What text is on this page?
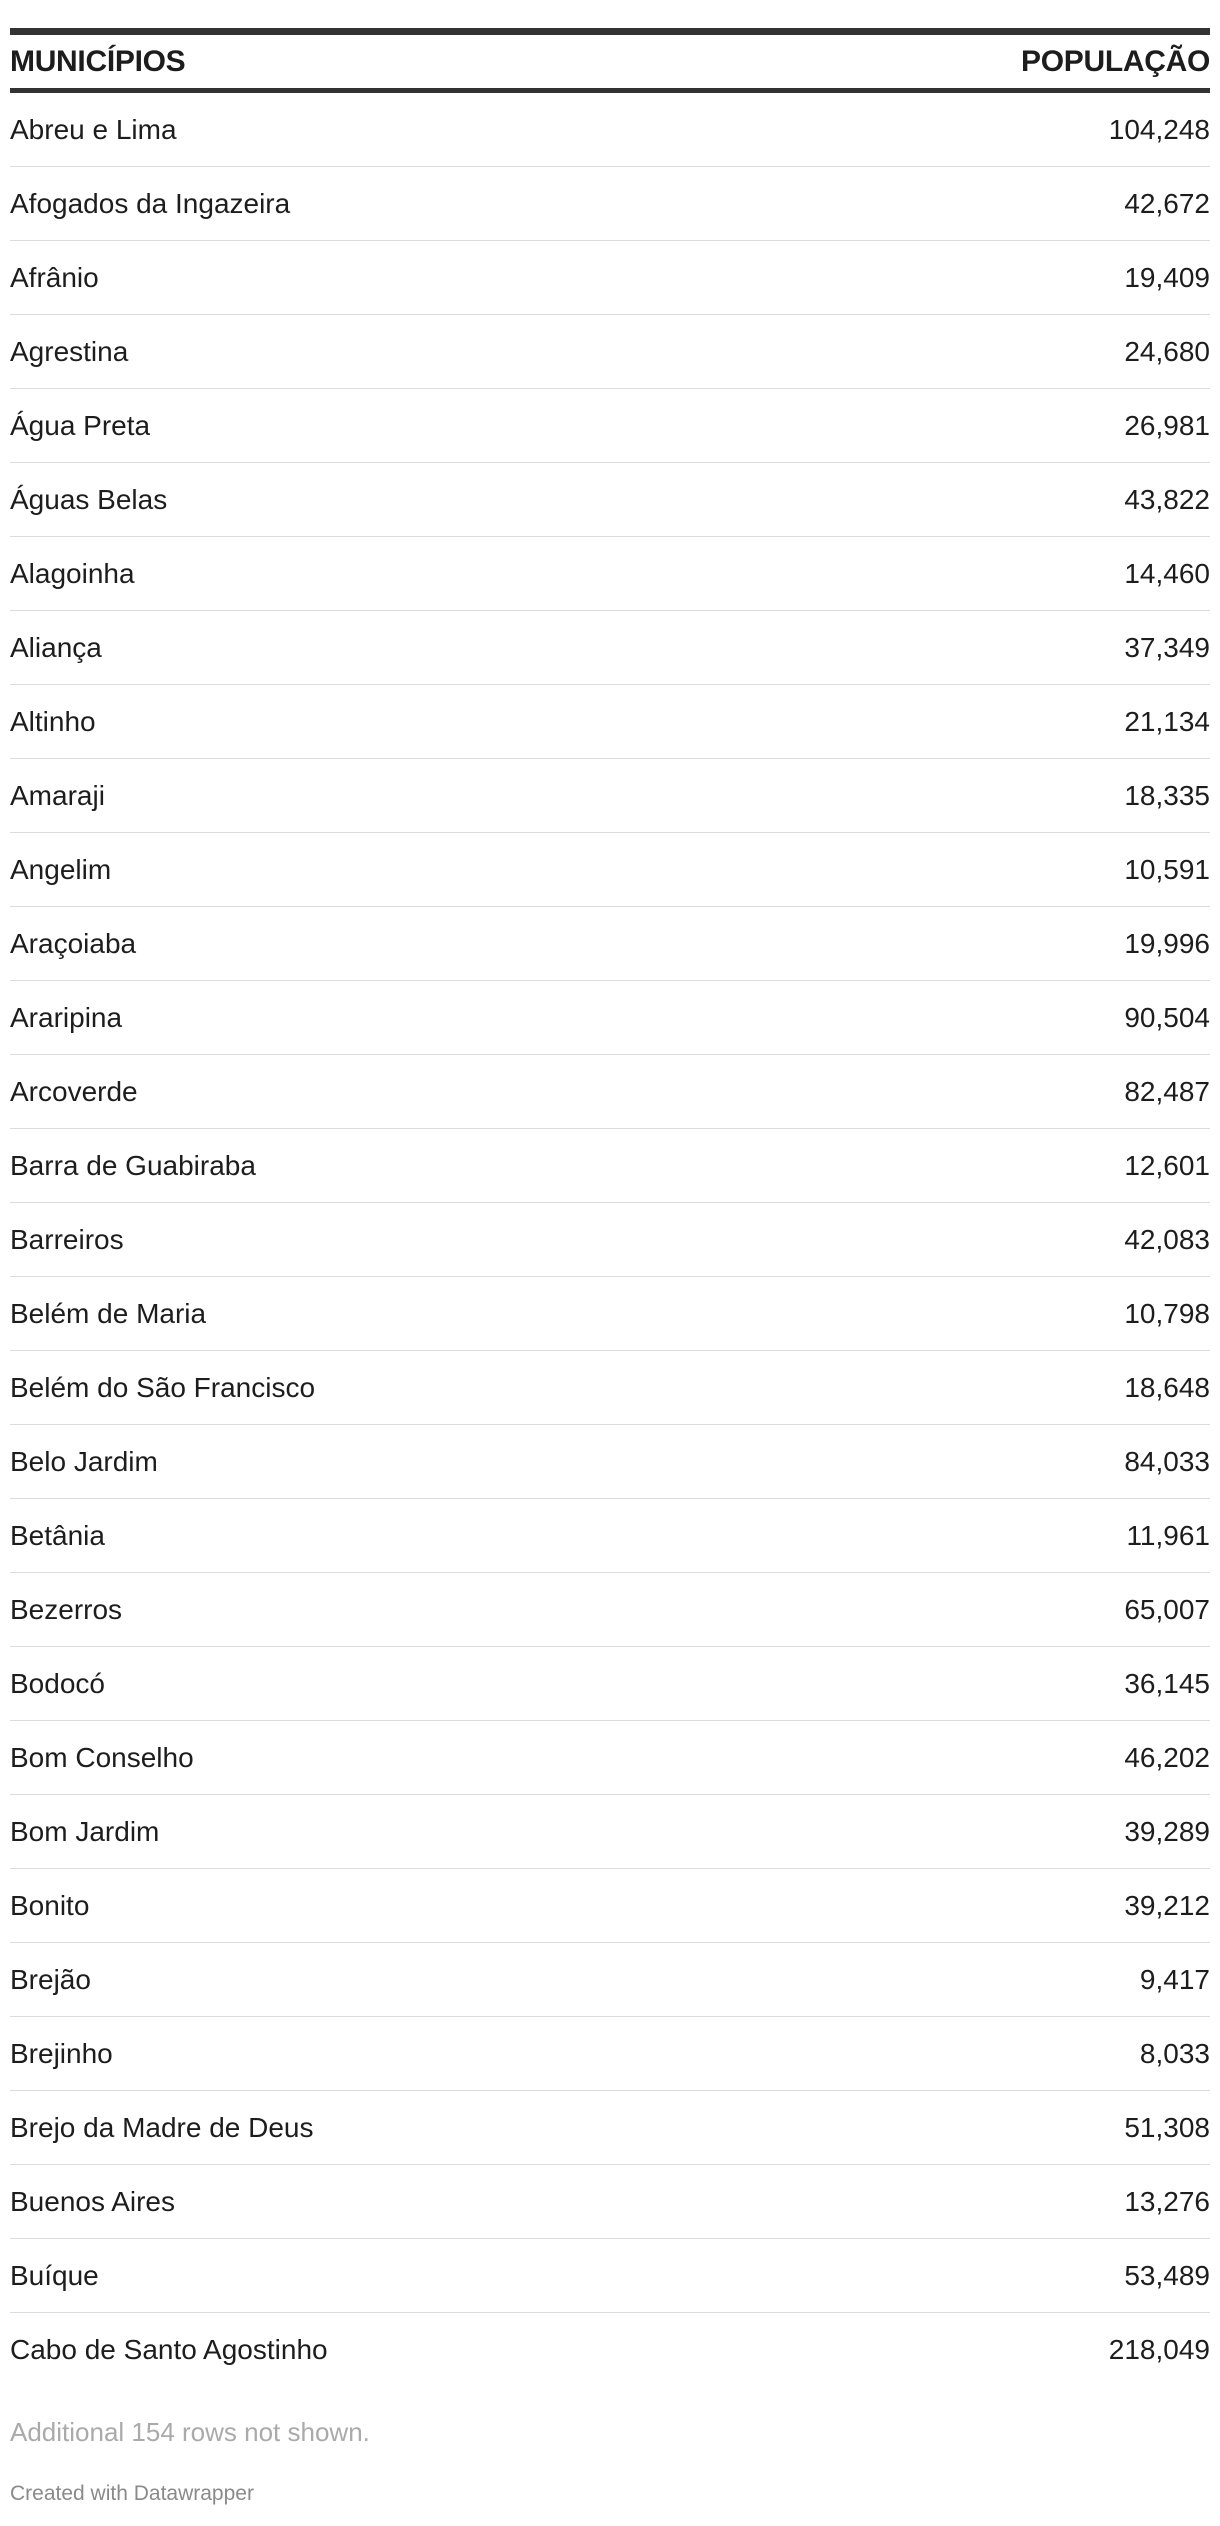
MUNICÍPIOS	POPULAÇÃO
Abreu e Lima	104,248
Afogados da Ingazeira	42,672
Afrânio	19,409
Agrestina	24,680
Água Preta	26,981
Águas Belas	43,822
Alagoinha	14,460
Aliança	37,349
Altinho	21,134
Amaraji	18,335
Angelim	10,591
Araçoiaba	19,996
Araripina	90,504
Arcoverde	82,487
Barra de Guabiraba	12,601
Barreiros	42,083
Belém de Maria	10,798
Belém do São Francisco	18,648
Belo Jardim	84,033
Betânia	11,961
Bezerros	65,007
Bodocó	36,145
Bom Conselho	46,202
Bom Jardim	39,289
Bonito	39,212
Brejão	9,417
Brejinho	8,033
Brejo da Madre de Deus	51,308
Buenos Aires	13,276
Buíque	53,489
Cabo de Santo Agostinho	218,049
Additional 154 rows not shown.
Created with Datawrapper
